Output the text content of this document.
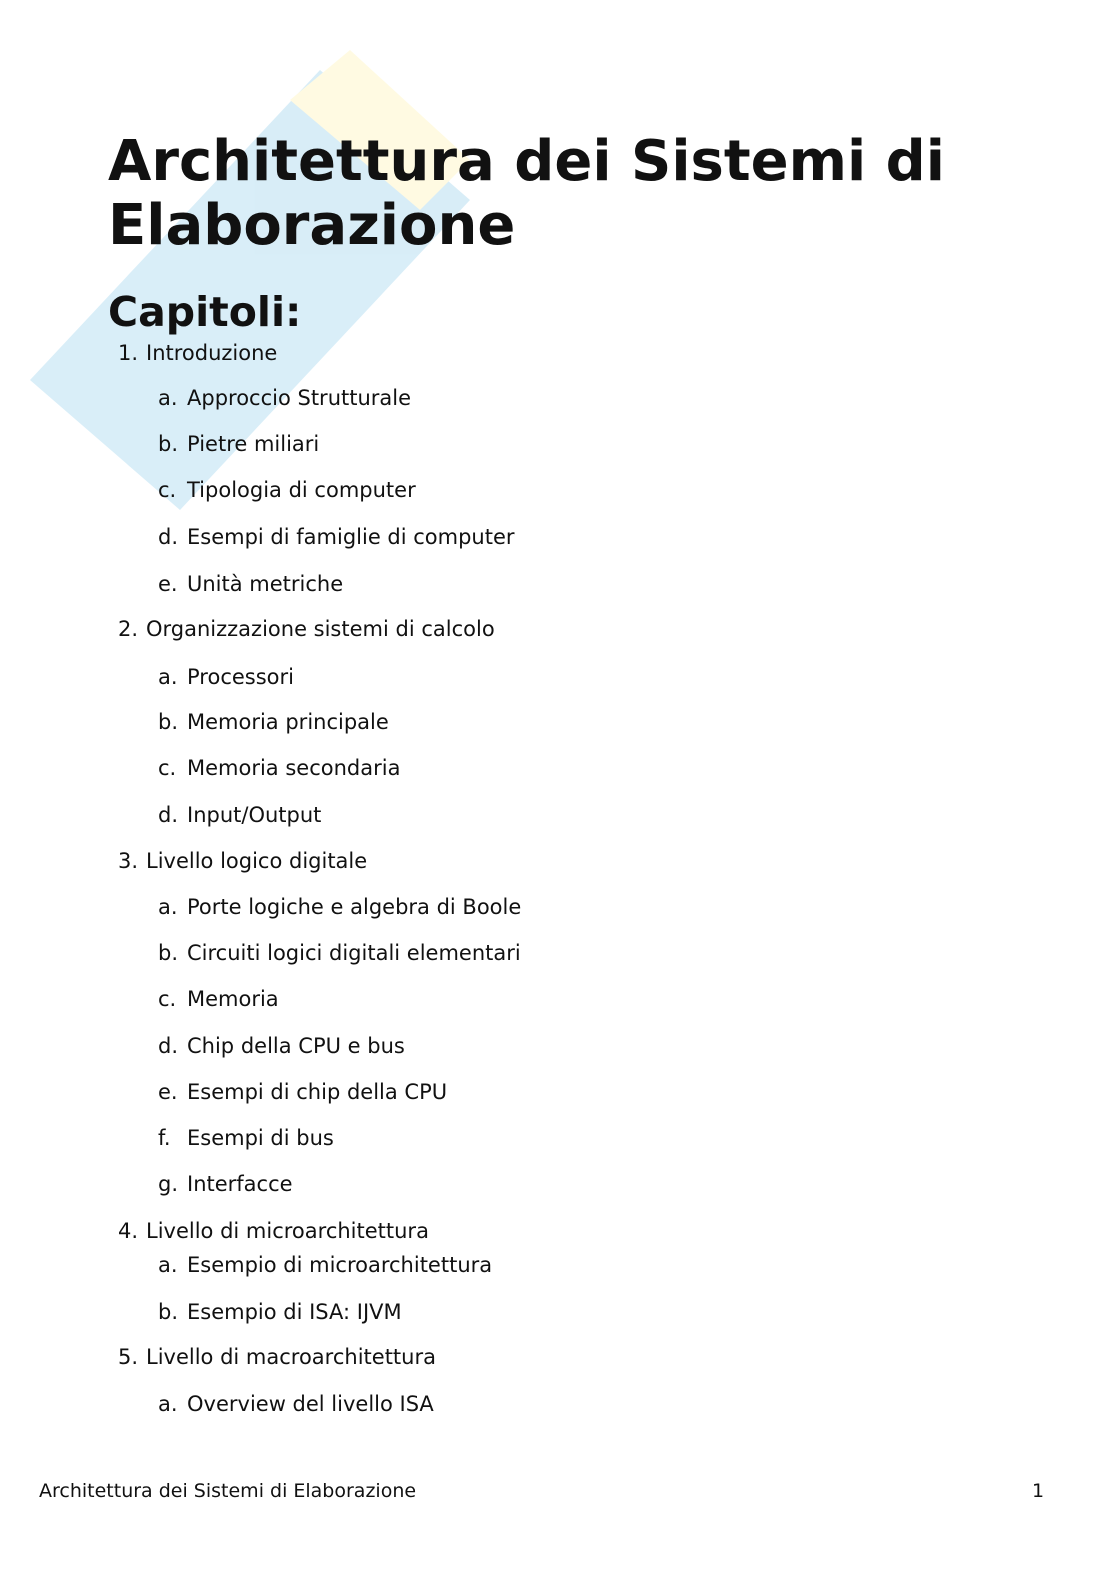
Architettura dei Sistemi di
Elaborazione
Capitoli:
1. Introduzione
a. Approccio Strutturale
b. Pietre miliari
c. Tipologia di computer
d. Esempi di famiglie di computer
e. Unità metriche
2. Organizzazione sistemi di calcolo
a. Processori
b. Memoria principale
c. Memoria secondaria
d. Input/Output
3. Livello logico digitale
a. Porte logiche e algebra di Boole
b. Circuiti logici digitali elementari
c. Memoria
d. Chip della CPU e bus
e. Esempi di chip della CPU
f. Esempi di bus
g. Interfacce
4. Livello di microarchitettura
a. Esempio di microarchitettura
b. Esempio di ISA: IJVM
5. Livello di macroarchitettura
a. Overview del livello ISA
Architettura dei Sistemi di Elaborazione	1
